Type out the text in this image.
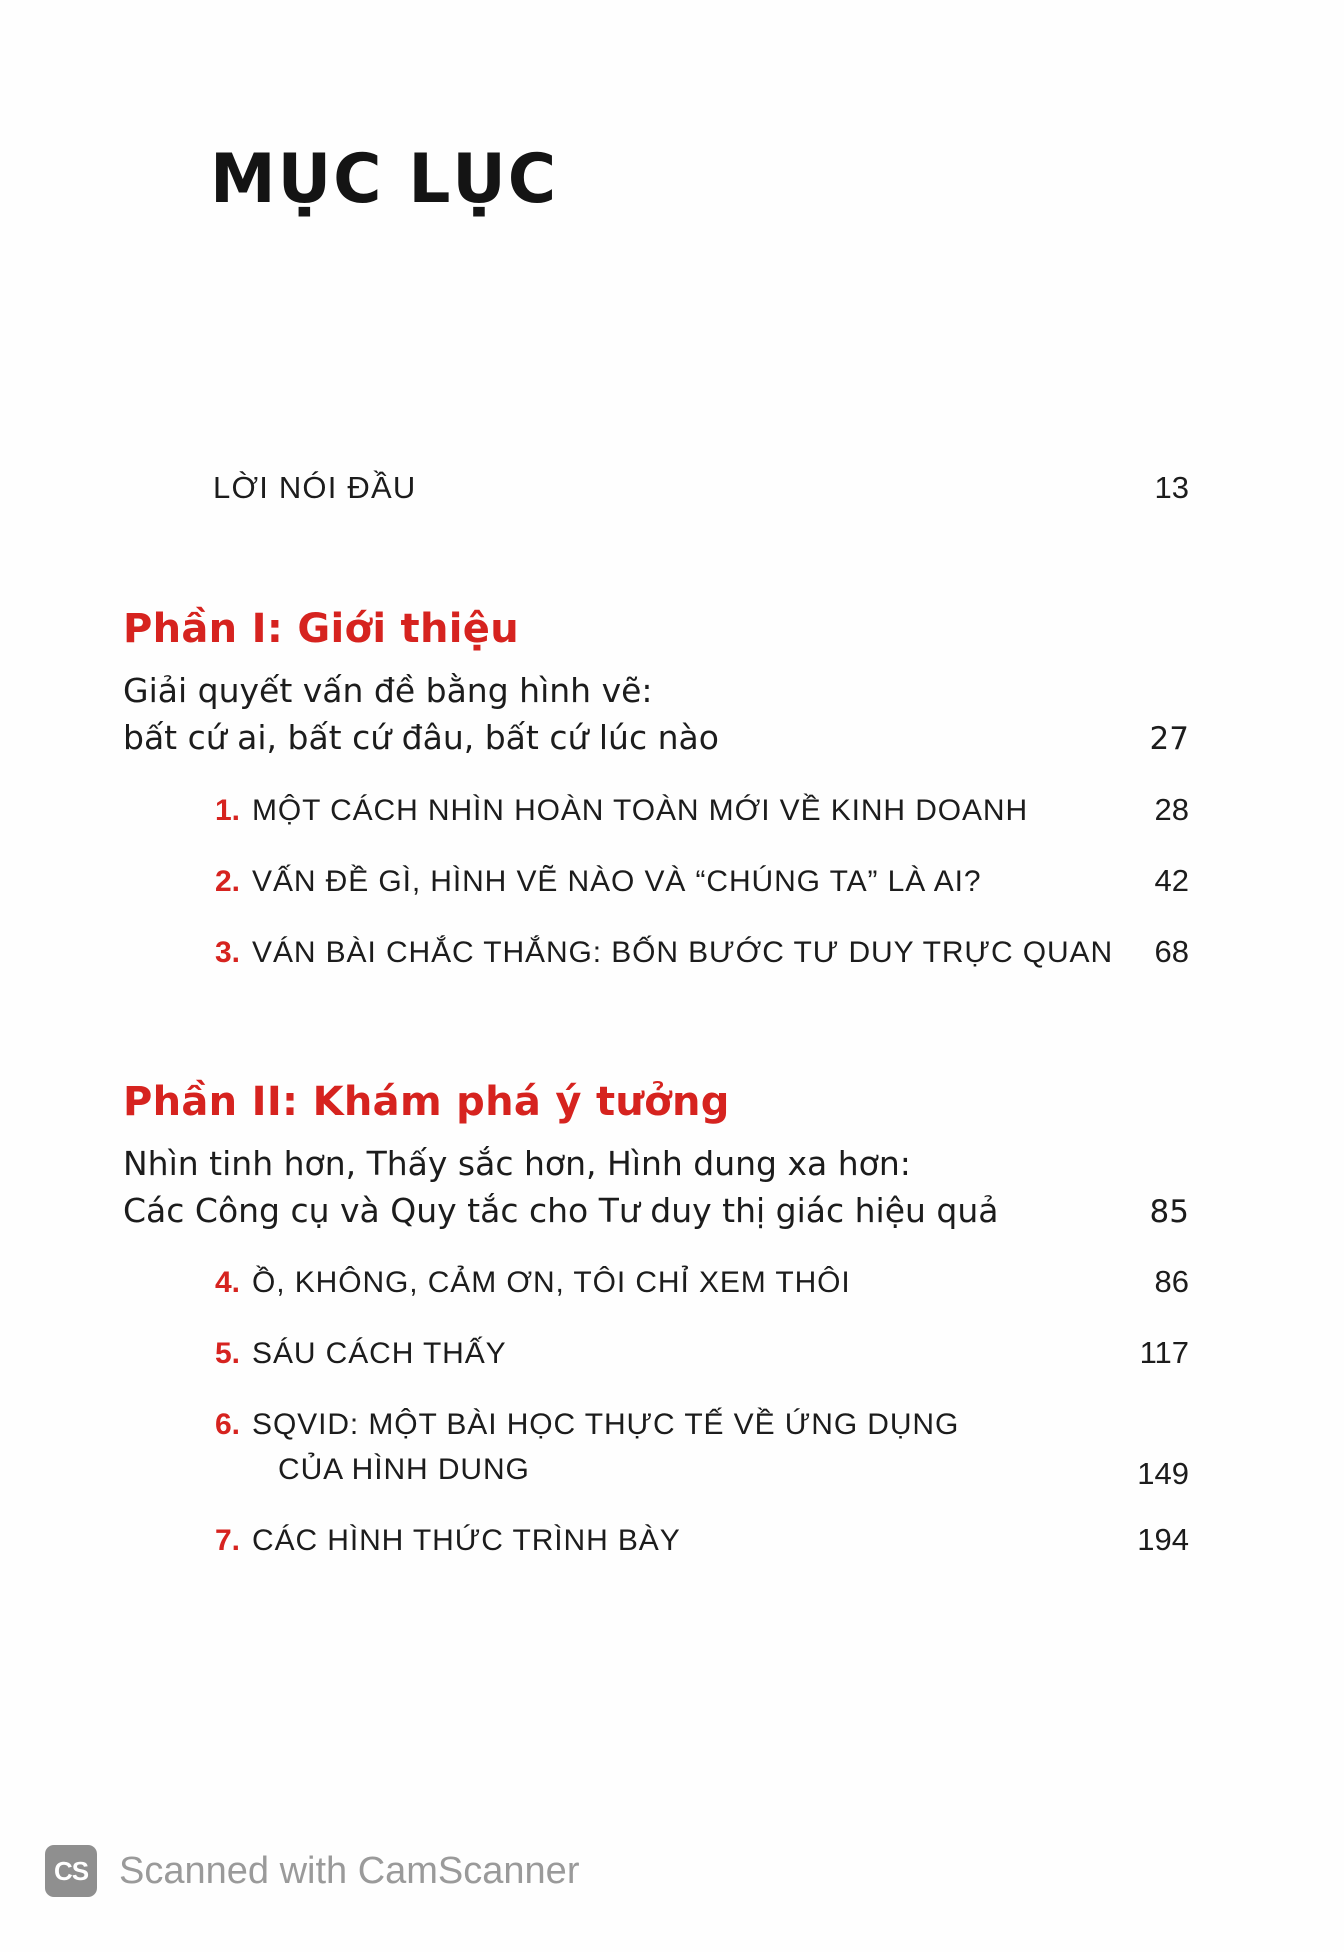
MỤC LỤC
LỜI NÓI ĐẦU	13
Phần I: Giới thiệu
Giải quyết vấn đề bằng hình vẽ:
bất cứ ai, bất cứ đâu, bất cứ lúc nào	27
1. MỘT CÁCH NHÌN HOÀN TOÀN MỚI VỀ KINH DOANH	28
2. VẤN ĐỀ GÌ, HÌNH VẼ NÀO VÀ “CHÚNG TA” LÀ AI?	42
3. VÁN BÀI CHẮC THẮNG: BỐN BƯỚC TƯ DUY TRỰC QUAN	68
Phần II: Khám phá ý tưởng
Nhìn tinh hơn, Thấy sắc hơn, Hình dung xa hơn:
Các Công cụ và Quy tắc cho Tư duy thị giác hiệu quả	85
4. Ồ, KHÔNG, CẢM ƠN, TÔI CHỈ XEM THÔI	86
5. SÁU CÁCH THẤY	117
6. SQVID: MỘT BÀI HỌC THỰC TẾ VỀ ỨNG DỤNG
CỦA HÌNH DUNG	149
7. CÁC HÌNH THỨC TRÌNH BÀY	194
CS Scanned with CamScanner
